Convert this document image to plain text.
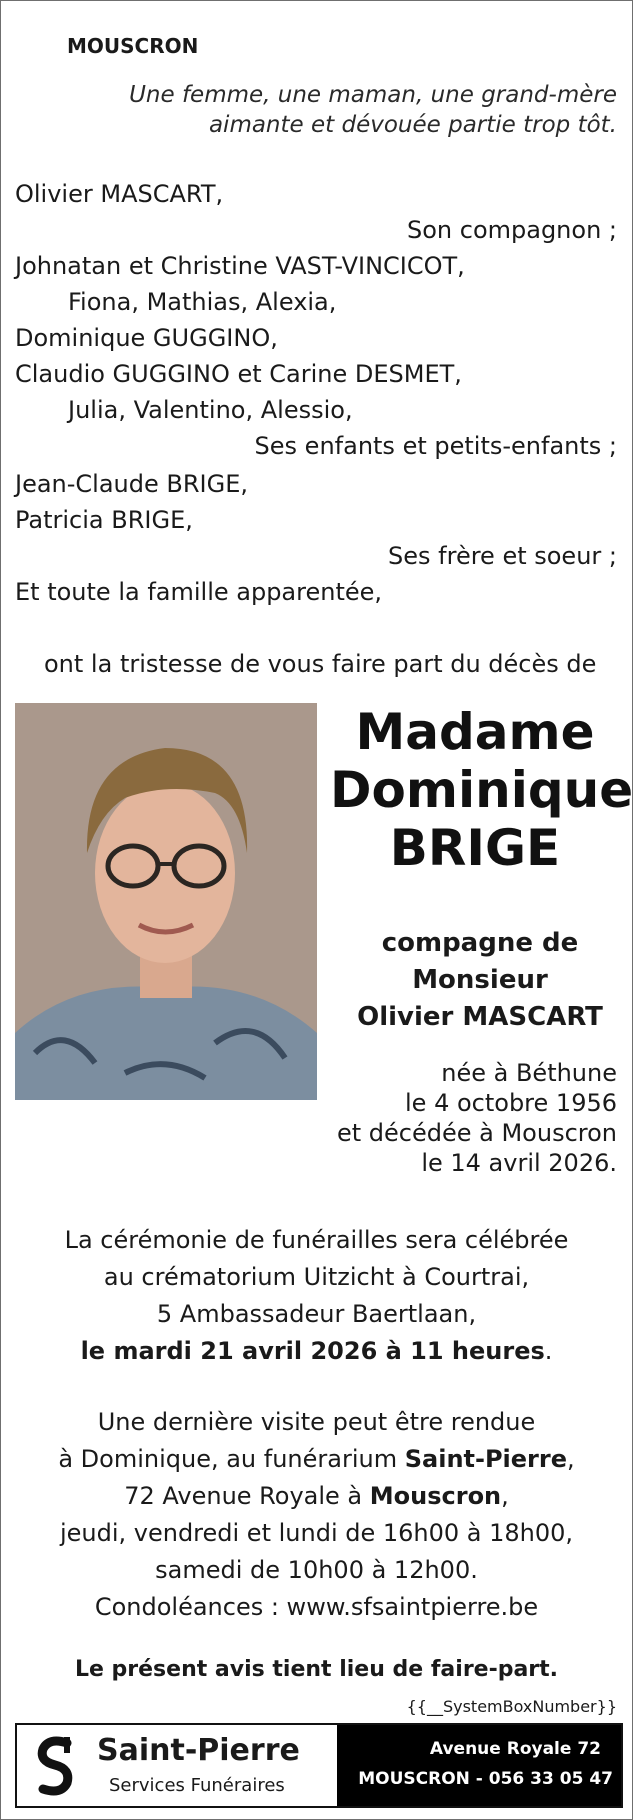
MOUSCRON
Une femme, une maman, une grand-mère
aimante et dévouée partie trop tôt.
Olivier MASCART,
Son compagnon ;
Johnatan et Christine VAST-VINCICOT,
Fiona, Mathias, Alexia,
Dominique GUGGINO,
Claudio GUGGINO et Carine DESMET,
Julia, Valentino, Alessio,
Ses enfants et petits-enfants ;
Jean-Claude BRIGE,
Patricia BRIGE,
Ses frère et soeur ;
Et toute la famille apparentée,
ont la tristesse de vous faire part du décès de
Madame
Dominique
BRIGE
compagne de
Monsieur
Olivier MASCART
née à Béthune
le 4 octobre 1956
et décédée à Mouscron
le 14 avril 2026.
La cérémonie de funérailles sera célébrée
au crématorium Uitzicht à Courtrai,
5 Ambassadeur Baertlaan,
le mardi 21 avril 2026 à 11 heures.
Une dernière visite peut être rendue
à Dominique, au funérarium Saint-Pierre,
72 Avenue Royale à Mouscron,
jeudi, vendredi et lundi de 16h00 à 18h00,
samedi de 10h00 à 12h00.
Condoléances : www.sfsaintpierre.be
Le présent avis tient lieu de faire-part.
{{__SystemBoxNumber}}
Saint-Pierre
Services Funéraires
Avenue Royale 72
MOUSCRON - 056 33 05 47
